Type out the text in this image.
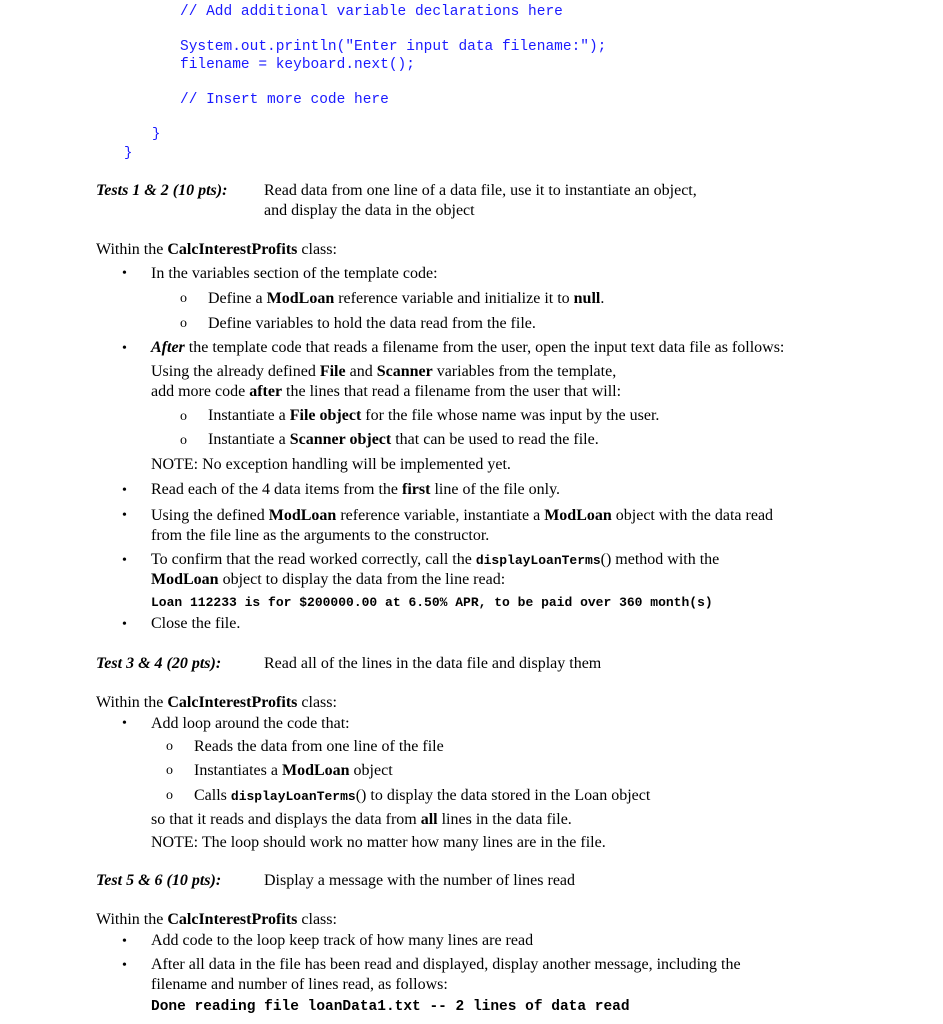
// Add additional variable declarations here
System.out.println("Enter input data filename:");
filename = keyboard.next();
// Insert more code here
}
}
Tests 1 & 2 (10 pts): Read data from one line of a data file, use it to instantiate an object,
and display the data in the object
Within the CalcInterestProfits class:
• In the variables section of the template code:
o Define a ModLoan reference variable and initialize it to null.
o Define variables to hold the data read from the file.
• After the template code that reads a filename from the user, open the input text data file as follows:
Using the already defined File and Scanner variables from the template,
add more code after the lines that read a filename from the user that will:
o Instantiate a File object for the file whose name was input by the user.
o Instantiate a Scanner object that can be used to read the file.
NOTE: No exception handling will be implemented yet.
• Read each of the 4 data items from the first line of the file only.
• Using the defined ModLoan reference variable, instantiate a ModLoan object with the data read
from the file line as the arguments to the constructor.
• To confirm that the read worked correctly, call the displayLoanTerms() method with the
ModLoan object to display the data from the line read:
Loan 112233 is for $200000.00 at 6.50% APR, to be paid over 360 month(s)
• Close the file.
Test 3 & 4 (20 pts):	Read all of the lines in the data file and display them
Within the CalcInterestProfits class:
• Add loop around the code that:
o Reads the data from one line of the file
o Instantiates a ModLoan object
o Calls displayLoanTerms() to display the data stored in the Loan object
so that it reads and displays the data from all lines in the data file.
NOTE: The loop should work no matter how many lines are in the file.
Test 5 & 6 (10 pts):	Display a message with the number of lines read
Within the CalcInterestProfits class:
• Add code to the loop keep track of how many lines are read
• After all data in the file has been read and displayed, display another message, including the
filename and number of lines read, as follows:
Done reading file loanData1.txt -- 2 lines of data read
